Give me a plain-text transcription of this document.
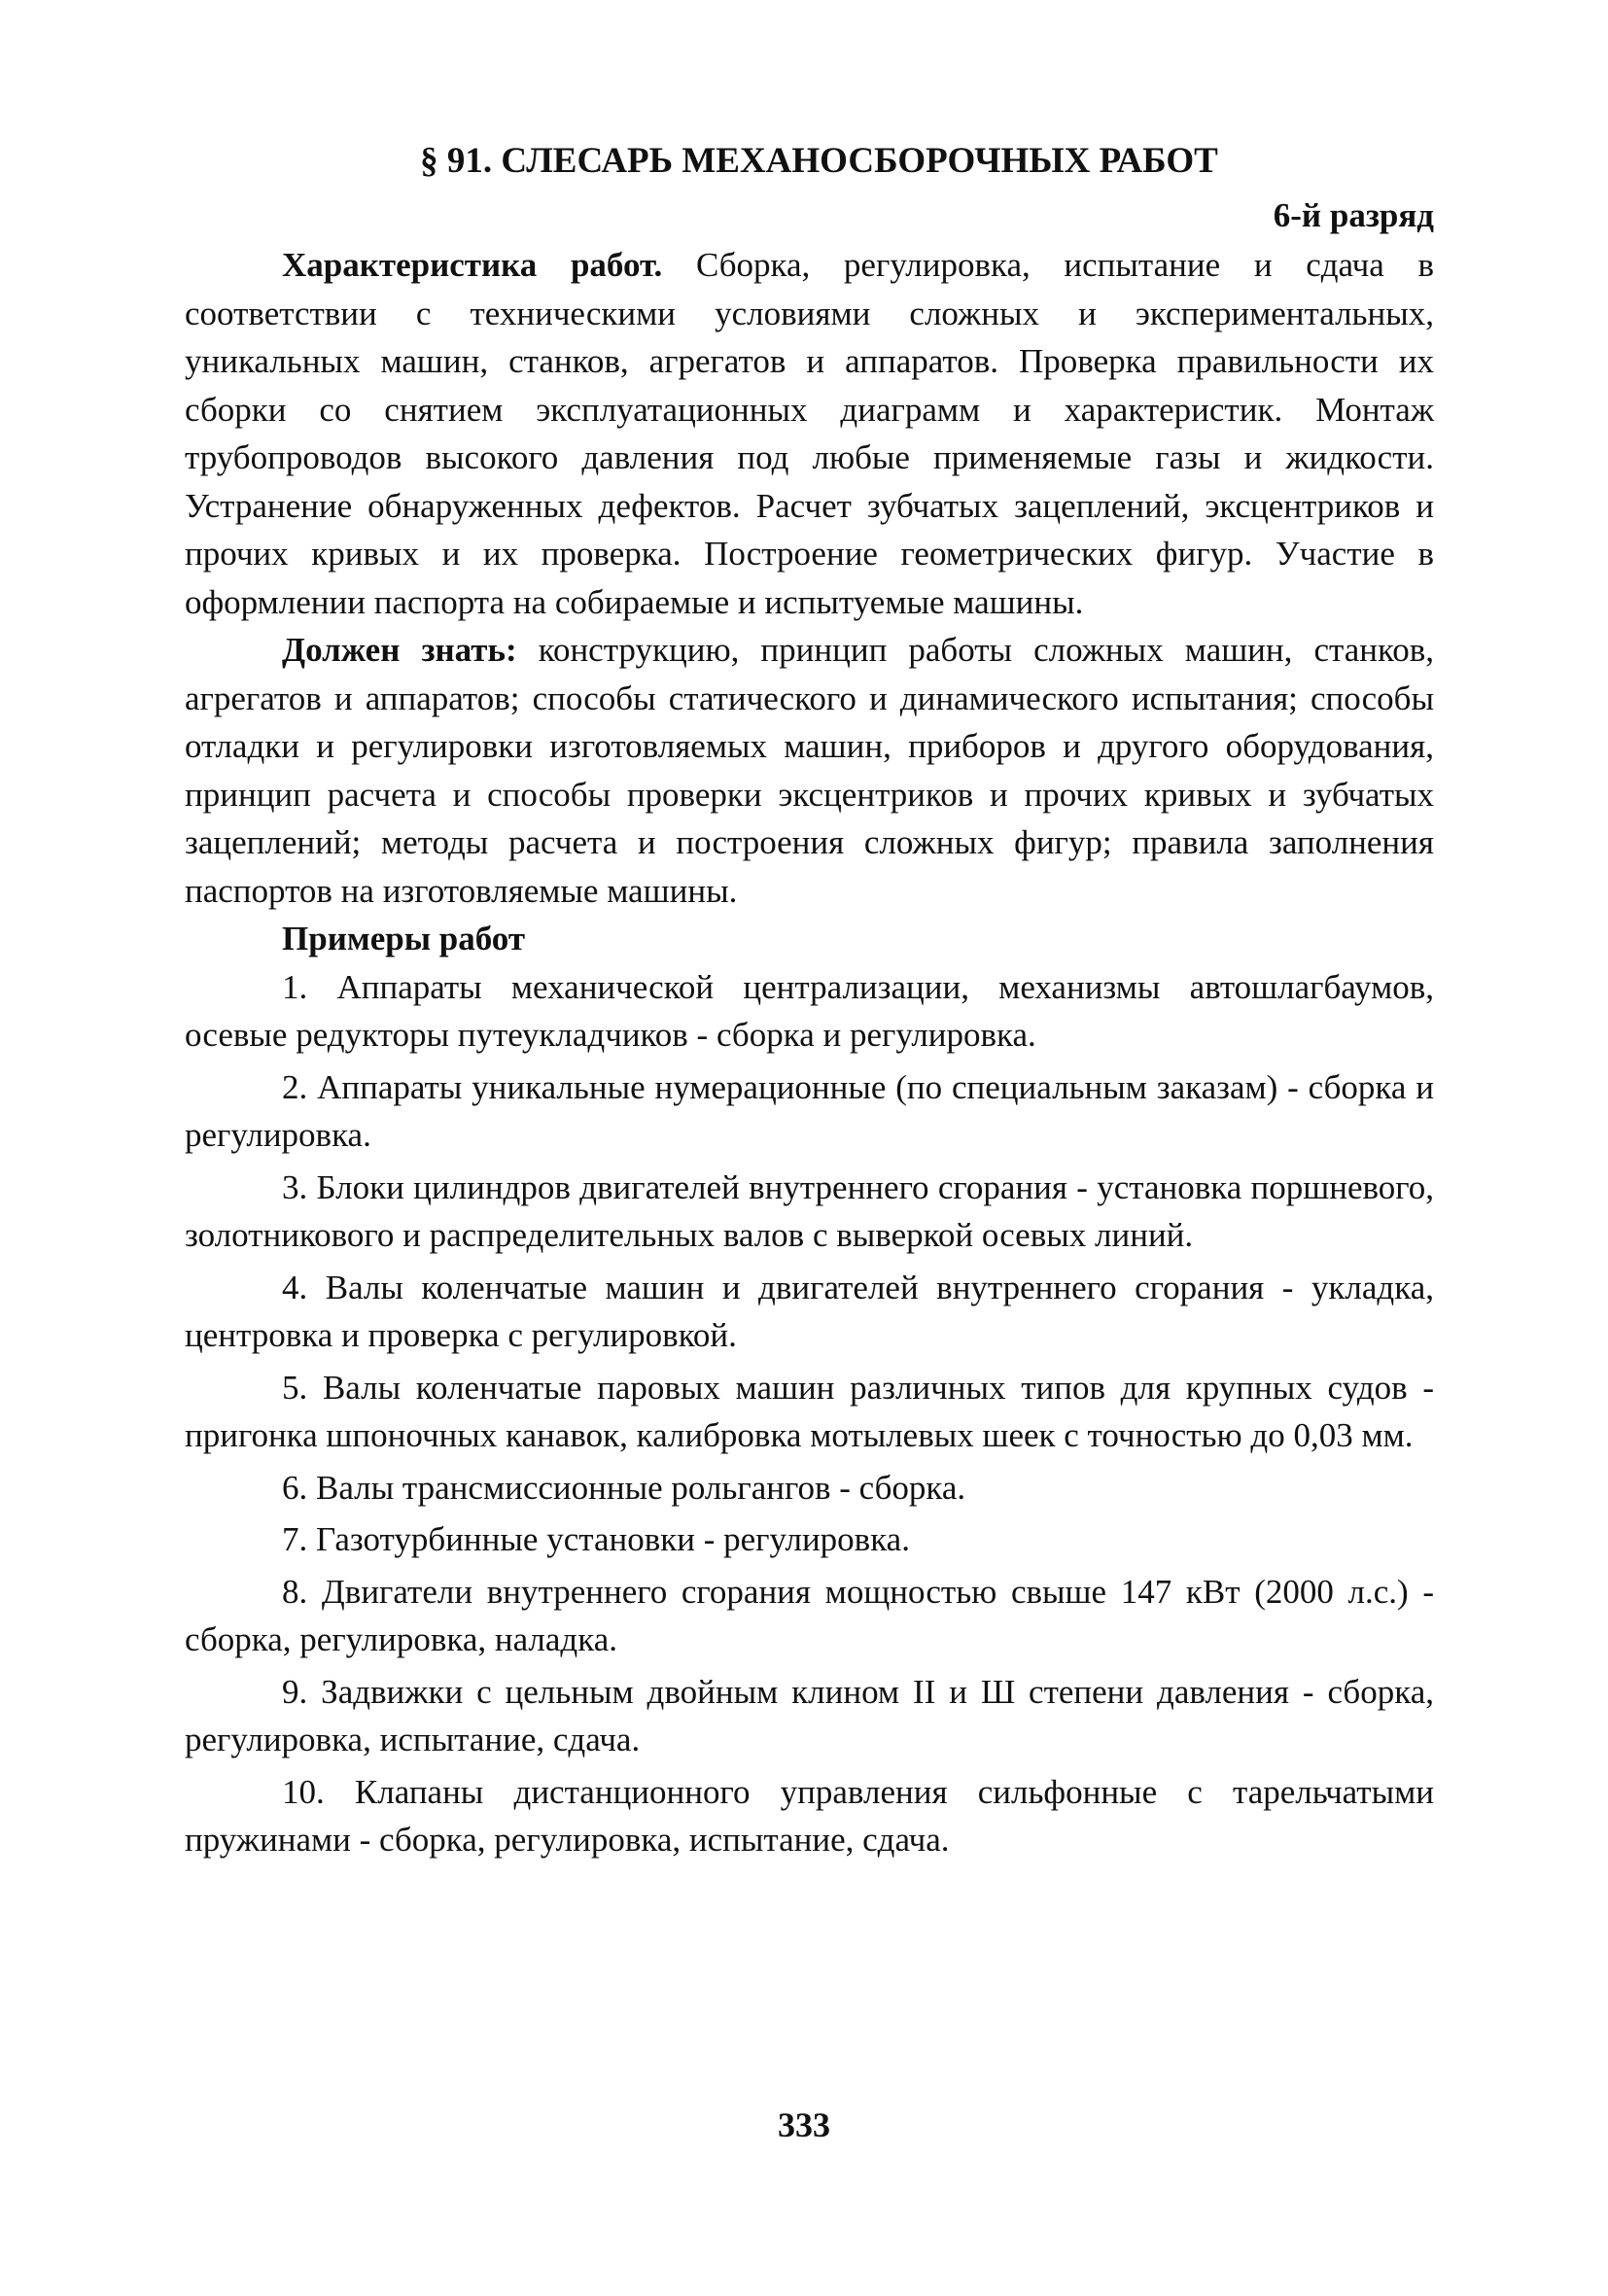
§ 91. СЛЕСАРЬ МЕХАНОСБОРОЧНЫХ РАБОТ

6-й разряд

Характеристика работ. Сборка, регулировка, испытание и сдача в соответствии с техническими условиями сложных и экспериментальных, уникальных машин, станков, агрегатов и аппаратов. Проверка правильности их сборки со снятием эксплуатационных диаграмм и характеристик. Монтаж трубопроводов высокого давления под любые применяемые газы и жидкости. Устранение обнаруженных дефектов. Расчет зубчатых зацеплений, эксцентриков и прочих кривых и их проверка. Построение геометрических фигур. Участие в оформлении паспорта на собираемые и испытуемые машины.

Должен знать: конструкцию, принцип работы сложных машин, станков, агрегатов и аппаратов; способы статического и динамического испытания; способы отладки и регулировки изготовляемых машин, приборов и другого оборудования, принцип расчета и способы проверки эксцентриков и прочих кривых и зубчатых зацеплений; методы расчета и построения сложных фигур; правила заполнения паспортов на изготовляемые машины.

Примеры работ

1. Аппараты механической централизации, механизмы автошлагбаумов, осевые редукторы путеукладчиков - сборка и регулировка.

2. Аппараты уникальные нумерационные (по специальным заказам) - сборка и регулировка.

3. Блоки цилиндров двигателей внутреннего сгорания - установка поршневого, золотникового и распределительных валов с выверкой осевых линий.

4. Валы коленчатые машин и двигателей внутреннего сгорания - укладка, центровка и проверка с регулировкой.

5. Валы коленчатые паровых машин различных типов для крупных судов - пригонка шпоночных канавок, калибровка мотылевых шеек с точностью до 0,03 мм.

6. Валы трансмиссионные рольгангов - сборка.

7. Газотурбинные установки - регулировка.

8. Двигатели внутреннего сгорания мощностью свыше 147 кВт (2000 л.с.) - сборка, регулировка, наладка.

9. Задвижки с цельным двойным клином II и Ш степени давления - сборка, регулировка, испытание, сдача.

10. Клапаны дистанционного управления сильфонные с тарельчатыми пружинами - сборка, регулировка, испытание, сдача.

333
